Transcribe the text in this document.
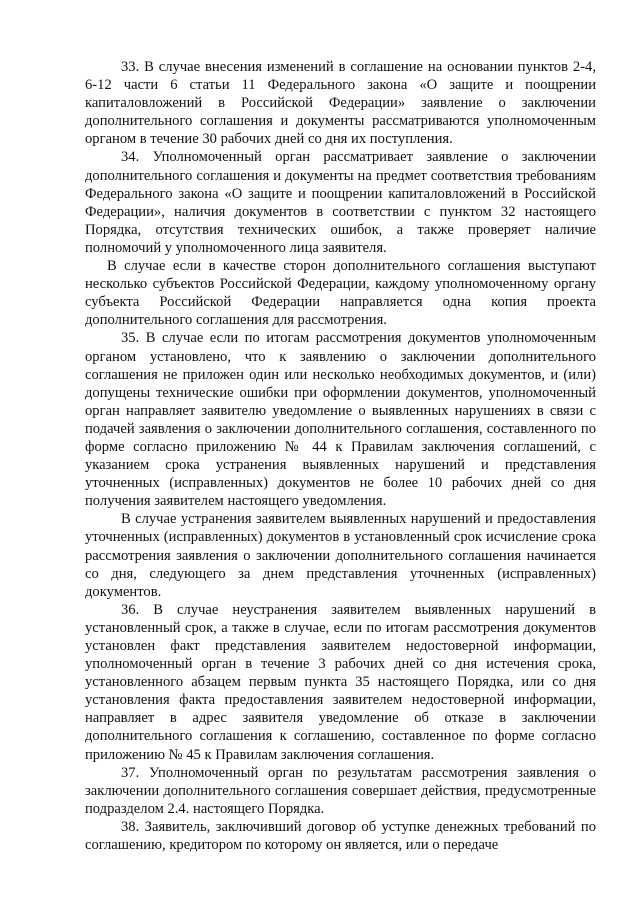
33. В случае внесения изменений в соглашение на основании пунктов 2-4, 6-12 части 6 статьи 11 Федерального закона «О защите и поощрении капиталовложений в Российской Федерации» заявление о заключении дополнительного соглашения и документы рассматриваются уполномоченным органом в течение 30 рабочих дней со дня их поступления.

34. Уполномоченный орган рассматривает заявление о заключении дополнительного соглашения и документы на предмет соответствия требованиям Федерального закона «О защите и поощрении капиталовложений в Российской Федерации», наличия документов в соответствии с пунктом 32 настоящего Порядка, отсутствия технических ошибок, а также проверяет наличие полномочий у уполномоченного лица заявителя.

В случае если в качестве сторон дополнительного соглашения выступают несколько субъектов Российской Федерации, каждому уполномоченному органу субъекта Российской Федерации направляется одна копия проекта дополнительного соглашения для рассмотрения.

35. В случае если по итогам рассмотрения документов уполномоченным органом установлено, что к заявлению о заключении дополнительного соглашения не приложен один или несколько необходимых документов, и (или) допущены технические ошибки при оформлении документов, уполномоченный орган направляет заявителю уведомление о выявленных нарушениях в связи с подачей заявления о заключении дополнительного соглашения, составленного по форме согласно приложению № 44 к Правилам заключения соглашений, с указанием срока устранения выявленных нарушений и представления уточненных (исправленных) документов не более 10 рабочих дней со дня получения заявителем настоящего уведомления.

В случае устранения заявителем выявленных нарушений и предоставления уточненных (исправленных) документов в установленный срок исчисление срока рассмотрения заявления о заключении дополнительного соглашения начинается со дня, следующего за днем представления уточненных (исправленных) документов.

36. В случае неустранения заявителем выявленных нарушений в установленный срок, а также в случае, если по итогам рассмотрения документов установлен факт представления заявителем недостоверной информации, уполномоченный орган в течение 3 рабочих дней со дня истечения срока, установленного абзацем первым пункта 35 настоящего Порядка, или со дня установления факта предоставления заявителем недостоверной информации, направляет в адрес заявителя уведомление об отказе в заключении дополнительного соглашения к соглашению, составленное по форме согласно приложению № 45 к Правилам заключения соглашения.

37. Уполномоченный орган по результатам рассмотрения заявления о заключении дополнительного соглашения совершает действия, предусмотренные подразделом 2.4. настоящего Порядка.

38. Заявитель, заключивший договор об уступке денежных требований по соглашению, кредитором по которому он является, или о передаче
